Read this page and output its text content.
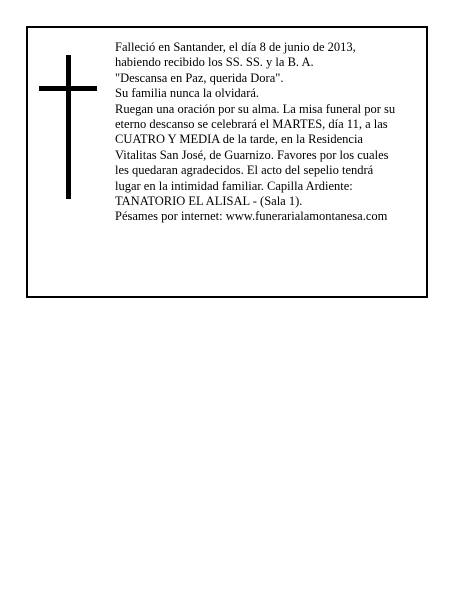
Falleció en Santander, el día 8 de junio de 2013,

habiendo recibido los SS. SS. y la B. A.

"Descansa en Paz, querida Dora".

Su familia nunca la olvidará.

Ruegan una oración por su alma. La misa funeral por su

eterno descanso se celebrará el MARTES, día 11, a las

CUATRO Y MEDIA de la tarde, en la Residencia

Vitalitas San José, de Guarnizo. Favores por los cuales

les quedaran agradecidos. El acto del sepelio tendrá

lugar en la intimidad familiar. Capilla Ardiente:

TANATORIO EL ALISAL - (Sala 1).

Pésames por internet: www.funerarialamontanesa.com
